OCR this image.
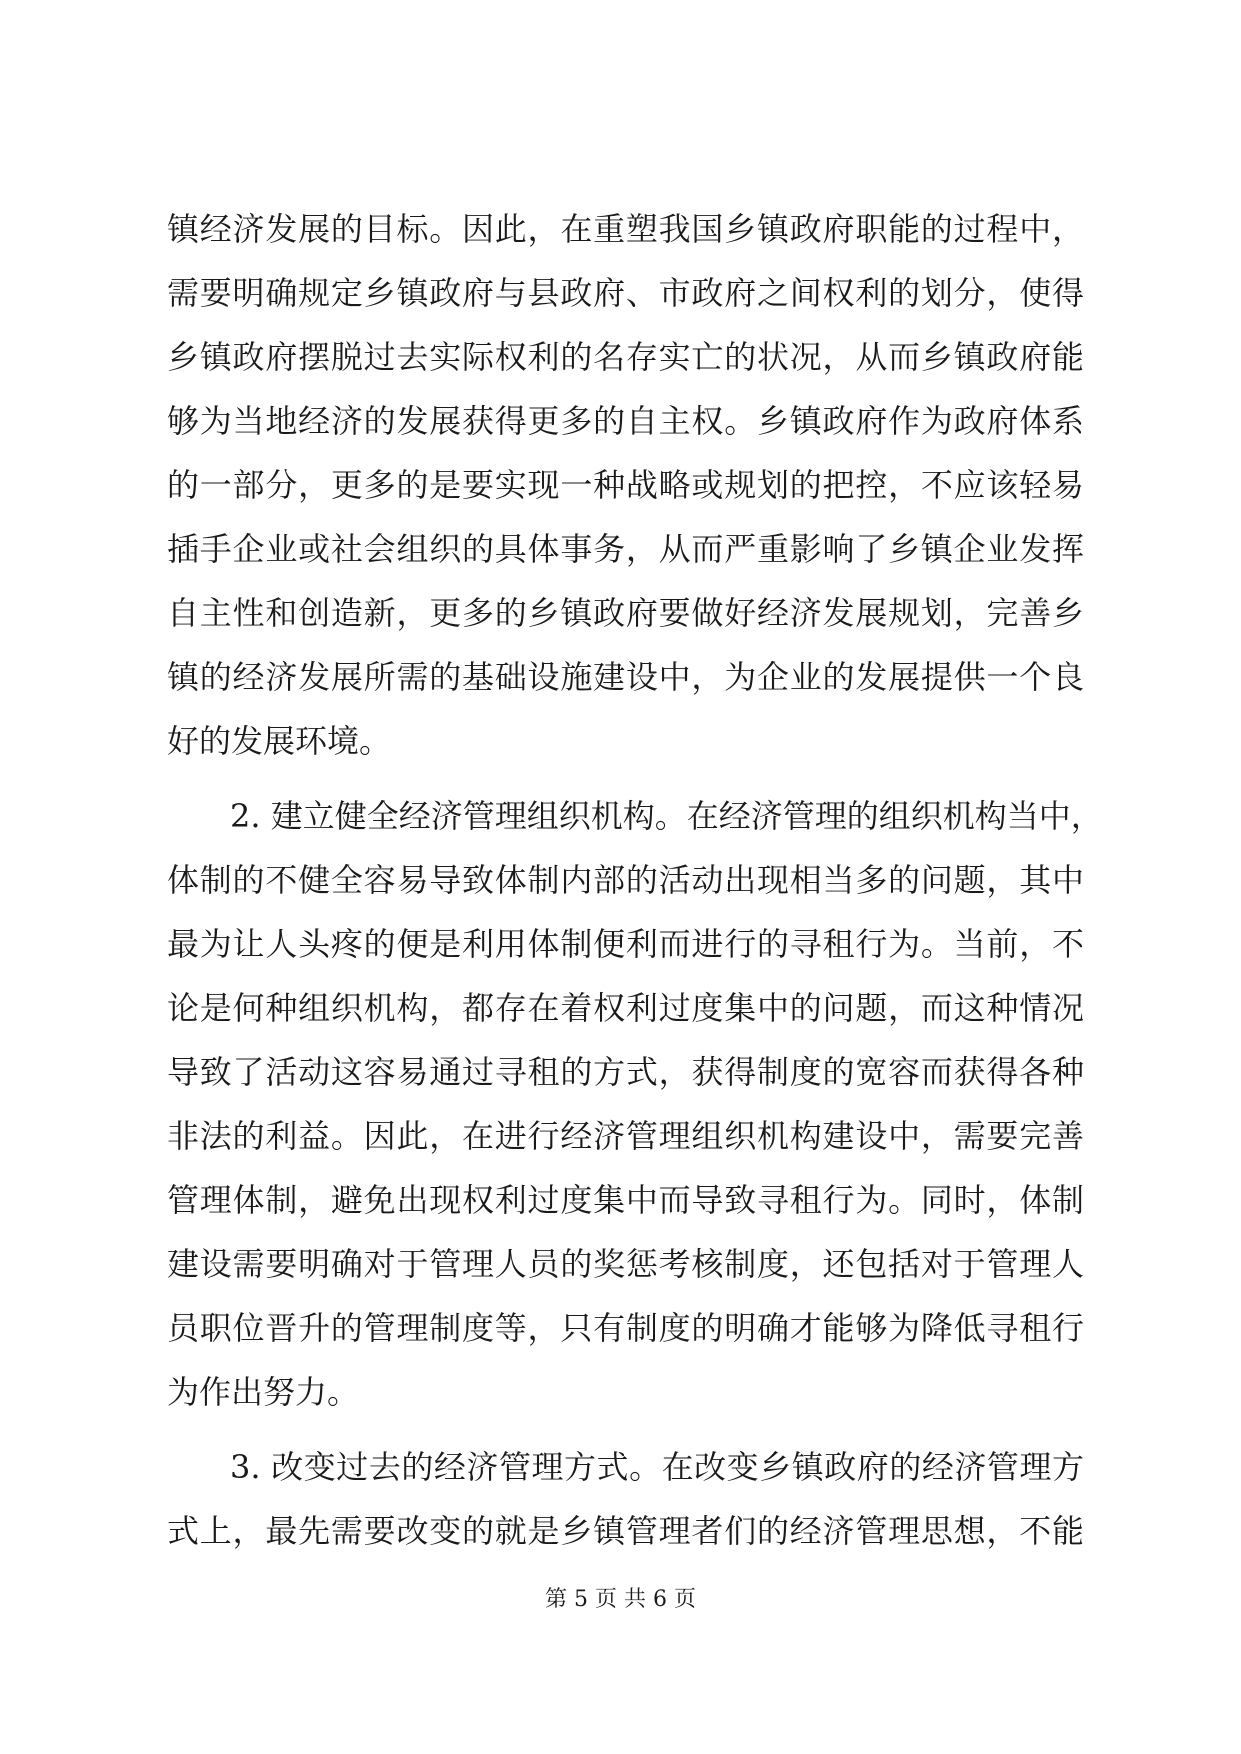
镇经济发展的目标。因此，在重塑我国乡镇政府职能的过程中，
需要明确规定乡镇政府与县政府、市政府之间权利的划分，使得
乡镇政府摆脱过去实际权利的名存实亡的状况，从而乡镇政府能
够为当地经济的发展获得更多的自主权。乡镇政府作为政府体系
的一部分，更多的是要实现一种战略或规划的把控，不应该轻易
插手企业或社会组织的具体事务，从而严重影响了乡镇企业发挥
自主性和创造新，更多的乡镇政府要做好经济发展规划，完善乡
镇的经济发展所需的基础设施建设中，为企业的发展提供一个良
好的发展环境。
2. 建立健全经济管理组织机构。在经济管理的组织机构当中，
体制的不健全容易导致体制内部的活动出现相当多的问题，其中
最为让人头疼的便是利用体制便利而进行的寻租行为。当前，不
论是何种组织机构，都存在着权利过度集中的问题，而这种情况
导致了活动这容易通过寻租的方式，获得制度的宽容而获得各种
非法的利益。因此，在进行经济管理组织机构建设中，需要完善
管理体制，避免出现权利过度集中而导致寻租行为。同时，体制
建设需要明确对于管理人员的奖惩考核制度，还包括对于管理人
员职位晋升的管理制度等，只有制度的明确才能够为降低寻租行
为作出努力。
3. 改变过去的经济管理方式。在改变乡镇政府的经济管理方
式上，最先需要改变的就是乡镇管理者们的经济管理思想，不能
第 5 页 共 6 页
